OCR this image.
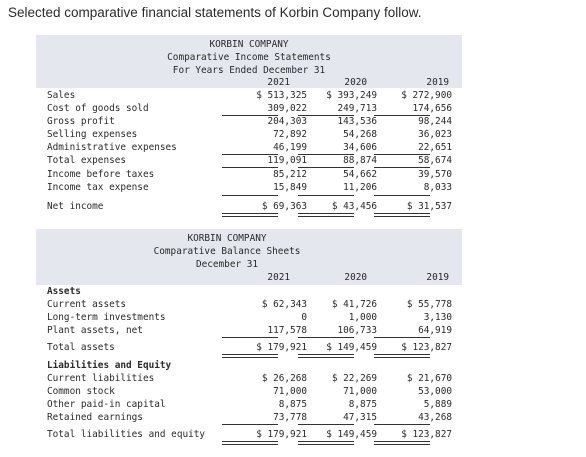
Selected comparative financial statements of Korbin Company follow.
KORBIN COMPANY
Comparative Income Statements
For Years Ended December 31
2021	2020	2019
Sales	$ 513,325 $ 393,249	$ 272,900
Cost of goods sold	309,022	249,713	174,656
Gross profit	204,303	143,536	98,244
Selling expenses	72,892	54,268	36,023
Administrative expenses	46,199	34,606	22,651
Total expenses	119,091	88,874	58,674
Income before taxes	85,212	54,662	39,570
Income tax expense	15,849	11,206	8,033
Net income	$ 69,363	$ 43,456	$ 31,537
KORBIN COMPANY
Comparative Balance Sheets
December 31
2021	2020	2019
Assets
Current assets	$ 62,343	$ 41,726	$ 55,778
Long-term investments	0	1,000	3,130
Plant assets, net	117,578	106,733	64,919
Total assets	$ 179,921 $ 149,459	$ 123,827
Liabilities and Equity
Current liabilities	$ 26,268	$ 22,269	$ 21,670
Common stock	71,000	71,000	53,000
Other paid-in capital	8,875	8,875	5,889
Retained earnings	73,778	47,315	43,268
Total liabilities and equity	$ 179,921 $ 149,459	$ 123,827
